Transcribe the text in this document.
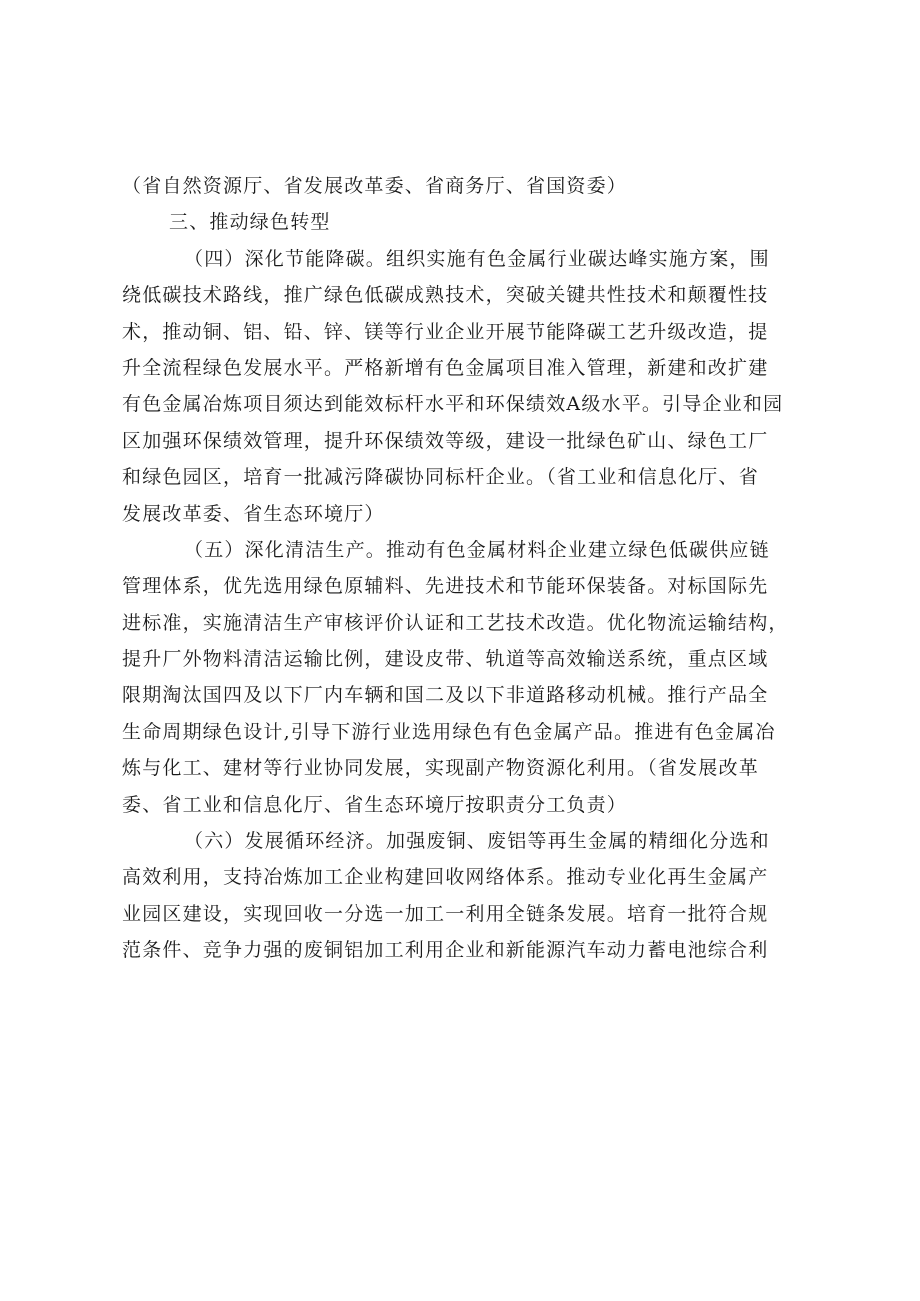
（省自然资源厅、省发展改革委、省商务厅、省国资委）
三、推动绿色转型
（四）深化节能降碳。组织实施有色金属行业碳达峰实施方案，围
绕低碳技术路线，推广绿色低碳成熟技术，突破关键共性技术和颠覆性技
术，推动铜、铝、铅、锌、镁等行业企业开展节能降碳工艺升级改造，提
升全流程绿色发展水平。严格新增有色金属项目准入管理，新建和改扩建
有色金属冶炼项目须达到能效标杆水平和环保绩效A级水平。引导企业和园
区加强环保绩效管理，提升环保绩效等级，建设一批绿色矿山、绿色工厂
和绿色园区，培育一批减污降碳协同标杆企业。（省工业和信息化厅、省
发展改革委、省生态环境厅）
（五）深化清洁生产。推动有色金属材料企业建立绿色低碳供应链
管理体系，优先选用绿色原辅料、先进技术和节能环保装备。对标国际先
进标准，实施清洁生产审核评价认证和工艺技术改造。优化物流运输结构，
提升厂外物料清洁运输比例，建设皮带、轨道等高效输送系统，重点区域
限期淘汰国四及以下厂内车辆和国二及以下非道路移动机械。推行产品全
生命周期绿色设计,引导下游行业选用绿色有色金属产品。推进有色金属冶
炼与化工、建材等行业协同发展，实现副产物资源化利用。（省发展改革
委、省工业和信息化厅、省生态环境厅按职责分工负责）
（六）发展循环经济。加强废铜、废铝等再生金属的精细化分选和
高效利用，支持冶炼加工企业构建回收网络体系。推动专业化再生金属产
业园区建设，实现回收一分选一加工一利用全链条发展。培育一批符合规
范条件、竞争力强的废铜铝加工利用企业和新能源汽车动力蓄电池综合利
